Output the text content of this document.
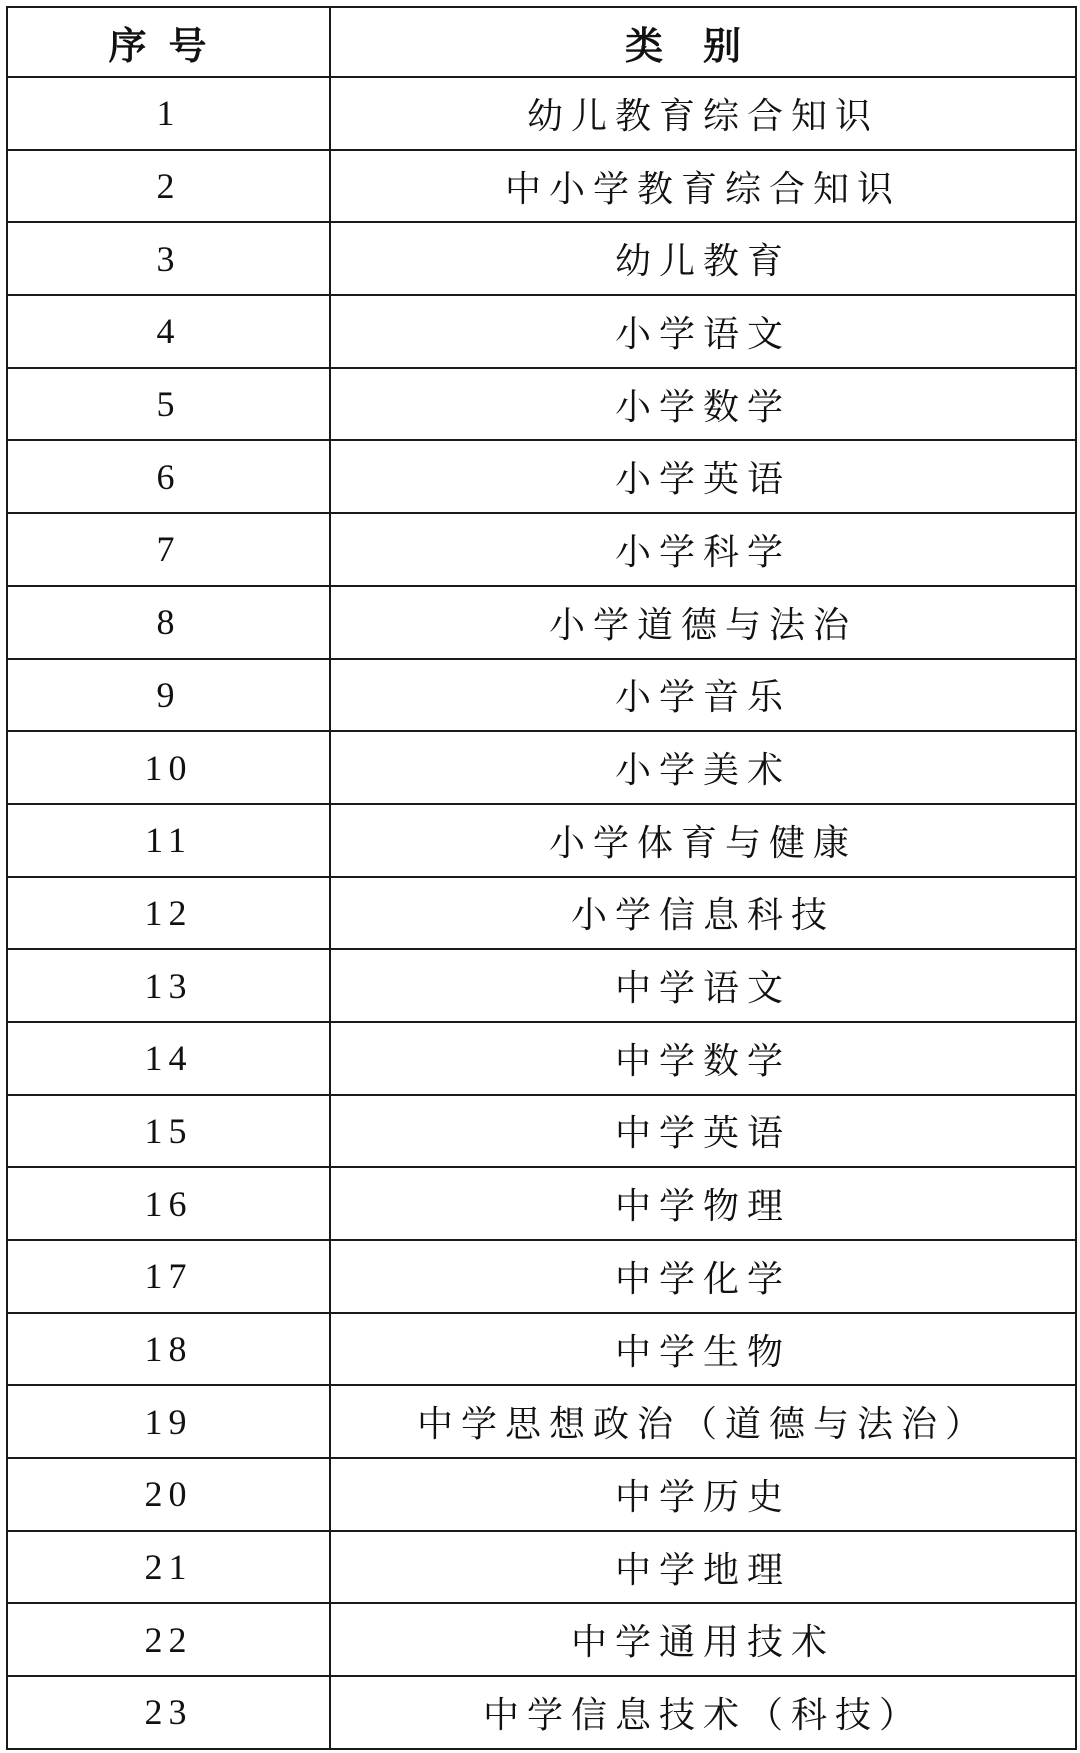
序号	类别
1	幼儿教育综合知识
2	中小学教育综合知识
3	幼儿教育
4	小学语文
5	小学数学
6	小学英语
7	小学科学
8	小学道德与法治
9	小学音乐
10	小学美术
11	小学体育与健康
12	小学信息科技
13	中学语文
14	中学数学
15	中学英语
16	中学物理
17	中学化学
18	中学生物
19	中学思想政治（道德与法治）
20	中学历史
21	中学地理
22	中学通用技术
23	中学信息技术（科技）
